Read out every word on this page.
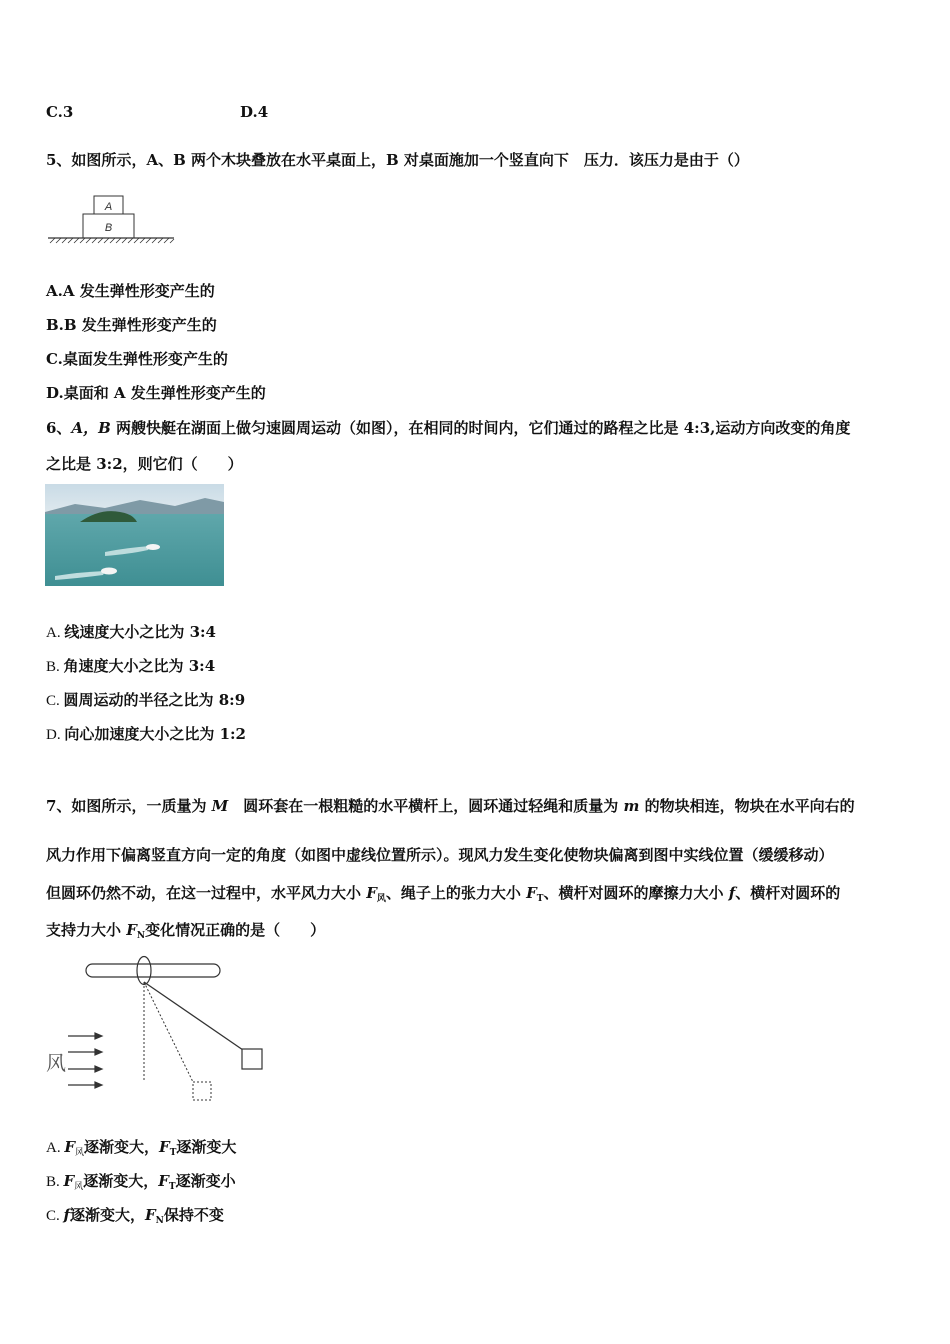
C.3	D.4
5、如图所示，A、B 两个木块叠放在水平桌面上，B 对桌面施加一个竖直向下　压力．该压力是由于（）
A
B
A.A 发生弹性形变产生的
B.B 发生弹性形变产生的
C.桌面发生弹性形变产生的
D.桌面和 A 发生弹性形变产生的
6、A，B 两艘快艇在湖面上做匀速圆周运动（如图），在相同的时间内，它们通过的路程之比是 4:3,运动方向改变的角度
之比是 3:2，则它们（　　）
A. 线速度大小之比为 3:4
B. 角速度大小之比为 3:4
C. 圆周运动的半径之比为 8:9
D. 向心加速度大小之比为 1:2
7、如图所示，一质量为 M　圆环套在一根粗糙的水平横杆上，圆环通过轻绳和质量为 m 的物块相连，物块在水平向右的
风力作用下偏离竖直方向一定的角度（如图中虚线位置所示）。现风力发生变化使物块偏离到图中实线位置（缓缓移动）
但圆环仍然不动，在这一过程中，水平风力大小 $F_风$、绳子上的张力大小 $F_T$、横杆对圆环的摩擦力大小 f、横杆对圆环的
支持力大小 $F_N$变化情况正确的是（　　）
风
A. $F_风$逐渐变大，$F_T$逐渐变大
B. $F_风$逐渐变大，$F_T$逐渐变小
C. f逐渐变大，$F_N$保持不变
